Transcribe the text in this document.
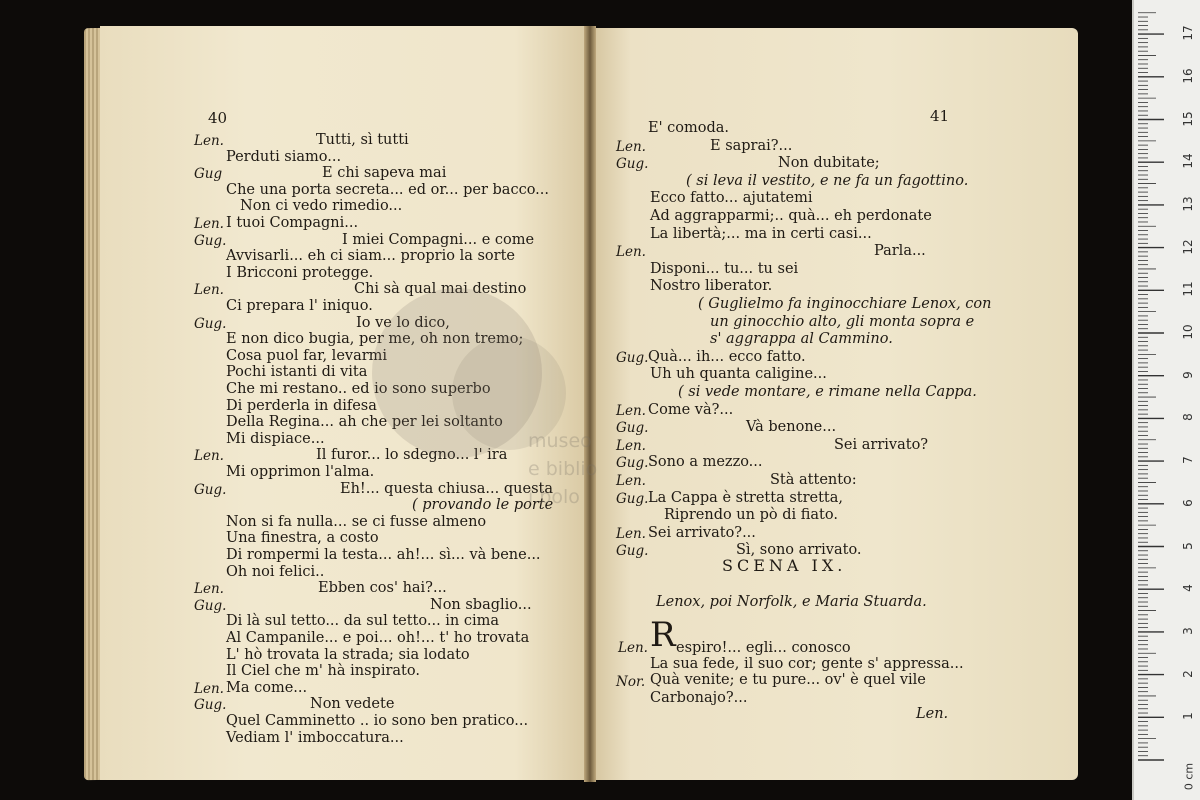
40
Len.	Tutti, sì tutti
Perduti siamo...
Gug	E chi sapeva mai
Che una porta secreta... ed or... per bacco...
Non ci vedo rimedio...
Len. I tuoi Compagni...
Gug.	I miei Compagni... e come
Avvisarli... eh ci siam... proprio la sorte
I Bricconi protegge.
Len.	Chi sà qual mai destino
Ci prepara l' iniquo.
Gug.	Io ve lo dico,
E non dico bugia, per me, oh non tremo;
Cosa puol far, levarmi
Pochi istanti di vita
Che mi restano.. ed io sono superbo
Di perderla in difesa
Della Regina... ah che per lei soltanto
Mi dispiace...
Len.	Il furor... lo sdegno... l' ira
Mi opprimon l'alma.
Gug.	Eh!... questa chiusa... questa
( provando le porte
Non si fa nulla... se ci fusse almeno
Una finestra, a costo
Di rompermi la testa... ah!... sì... và bene...
Oh noi felici..
Len.	Ebben cos' hai?...
Gug.	Non sbaglio...
Di là sul tetto... da sul tetto... in cima
Al Campanile... e poi... oh!... t' ho trovata
L' hò trovata la strada; sia lodato
Il Ciel che m' hà inspirato.
Len. Ma come...
Gug.	Non vedete
Quel Camminetto .. io sono ben pratico...
Vediam l' imboccatura...
41
SCENA IX.
Lenox, poi Norfolk, e Maria Stuarda.
Len. R espiro!... egli... conosco
La sua fede, il suo cor; gente s' appressa...
Nor. Quà venite; e tu pure... ov' è quel vile
Carbonajo?...
Len.
E' comoda.
Len.	E saprai?...
Gug.	Non dubitate;
( si leva il vestito, e ne fa un fagottino.
Ecco fatto... ajutatemi
Ad aggrapparmi;.. quà... eh perdonate
La libertà;... ma in certi casi...
Len.	Parla...
Disponi... tu... tu sei
Nostro liberator.
( Guglielmo fa inginocchiare Lenox, con
un ginocchio alto, gli monta sopra e
s' aggrappa al Cammino.
Gug. Quà... ih... ecco fatto.
Uh uh quanta caligine...
( si vede montare, e rimane nella Cappa.
Len. Come và?...
Gug.	Và benone...
Len.	Sei arrivato?
Gug. Sono a mezzo...
Len.	Stà attento:
Gug. La Cappa è stretta stretta,
Riprendo un pò di fiato.
Len. Sei arrivato?...
Gug.	Sì, sono arrivato.
museo
e biblio
i bolo
0 cm
1
2
3
4
5
6
7
8
9
10
11
12
13
14
15
16
17
